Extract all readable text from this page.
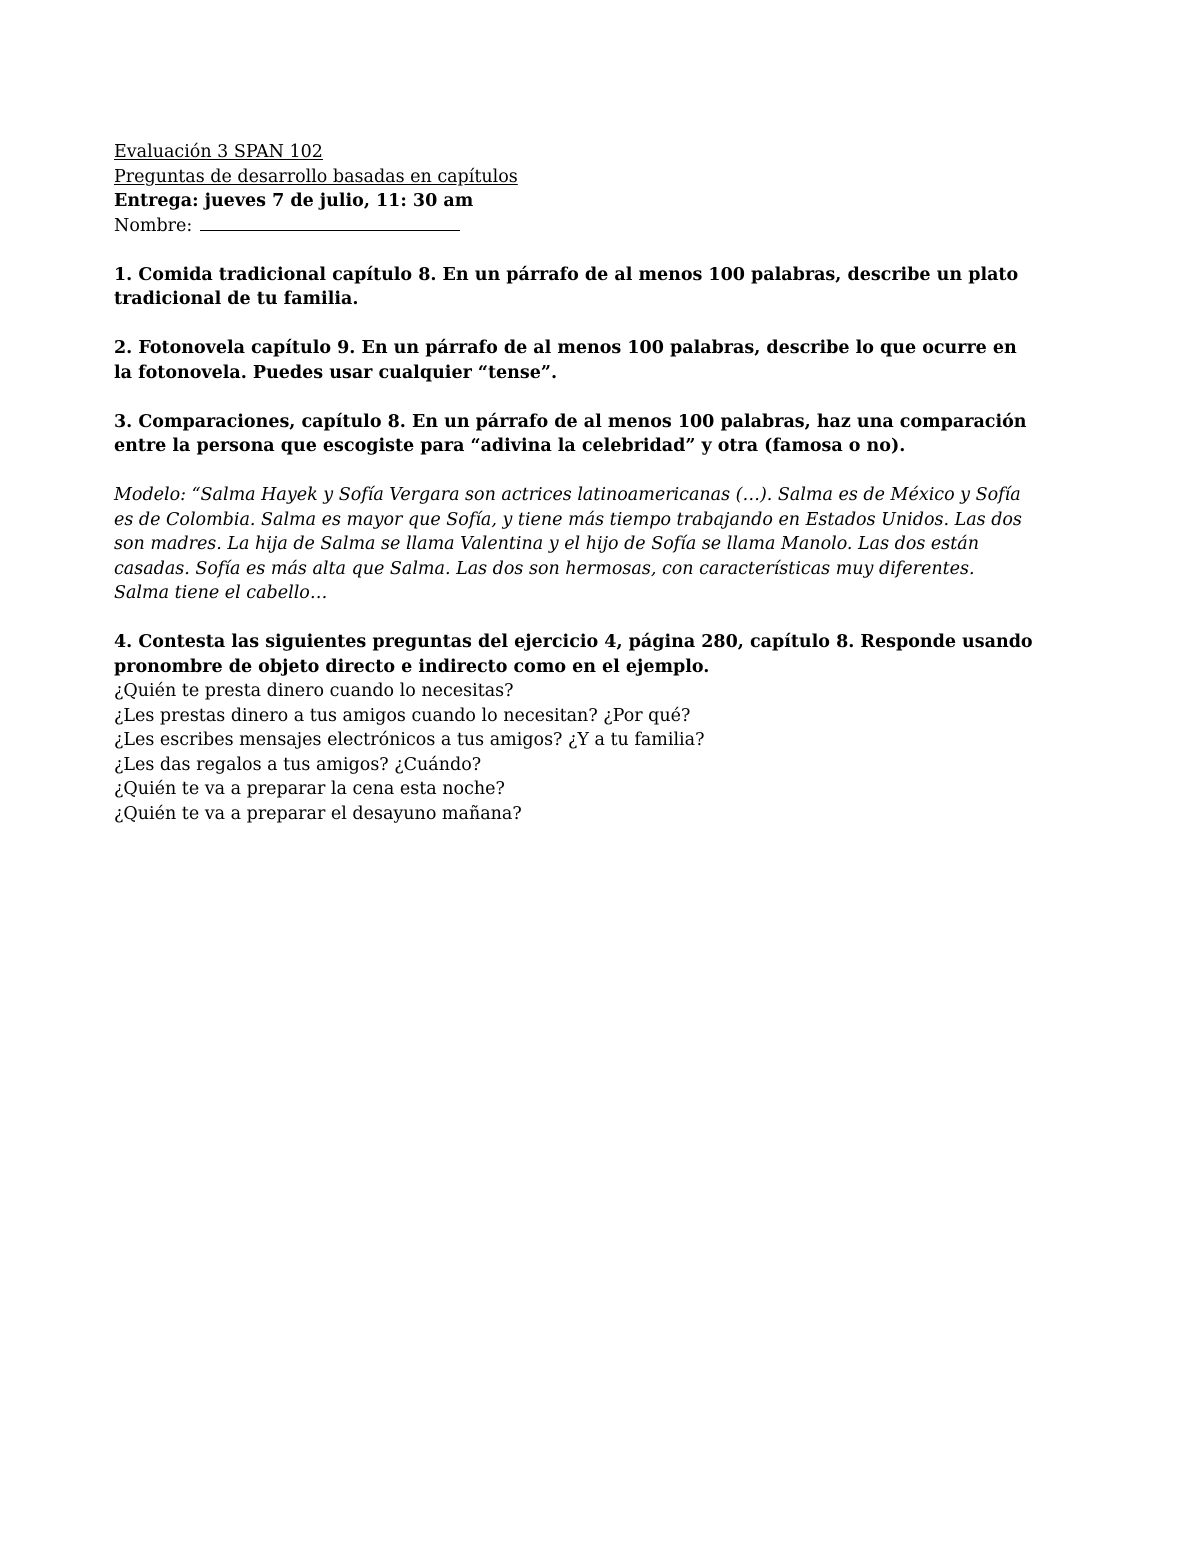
Evaluación 3 SPAN 102
Preguntas de desarrollo basadas en capítulos
Entrega: jueves 7 de julio, 11: 30 am
Nombre:
1. Comida tradicional capítulo 8. En un párrafo de al menos 100 palabras, describe un plato tradicional de tu familia.
2. Fotonovela capítulo 9. En un párrafo de al menos 100 palabras, describe lo que ocurre en la fotonovela. Puedes usar cualquier “tense”.
3. Comparaciones, capítulo 8. En un párrafo de al menos 100 palabras, haz una comparación entre la persona que escogiste para “adivina la celebridad” y otra (famosa o no).
Modelo: “Salma Hayek y Sofía Vergara son actrices latinoamericanas (…). Salma es de México y Sofía es de Colombia. Salma es mayor que Sofía, y tiene más tiempo trabajando en Estados Unidos. Las dos son madres. La hija de Salma se llama Valentina y el hijo de Sofía se llama Manolo. Las dos están casadas. Sofía es más alta que Salma. Las dos son hermosas, con características muy diferentes. Salma tiene el cabello…
4. Contesta las siguientes preguntas del ejercicio 4, página 280, capítulo 8. Responde usando pronombre de objeto directo e indirecto como en el ejemplo.
¿Quién te presta dinero cuando lo necesitas?
¿Les prestas dinero a tus amigos cuando lo necesitan? ¿Por qué?
¿Les escribes mensajes electrónicos a tus amigos? ¿Y a tu familia?
¿Les das regalos a tus amigos? ¿Cuándo?
¿Quién te va a preparar la cena esta noche?
¿Quién te va a preparar el desayuno mañana?
